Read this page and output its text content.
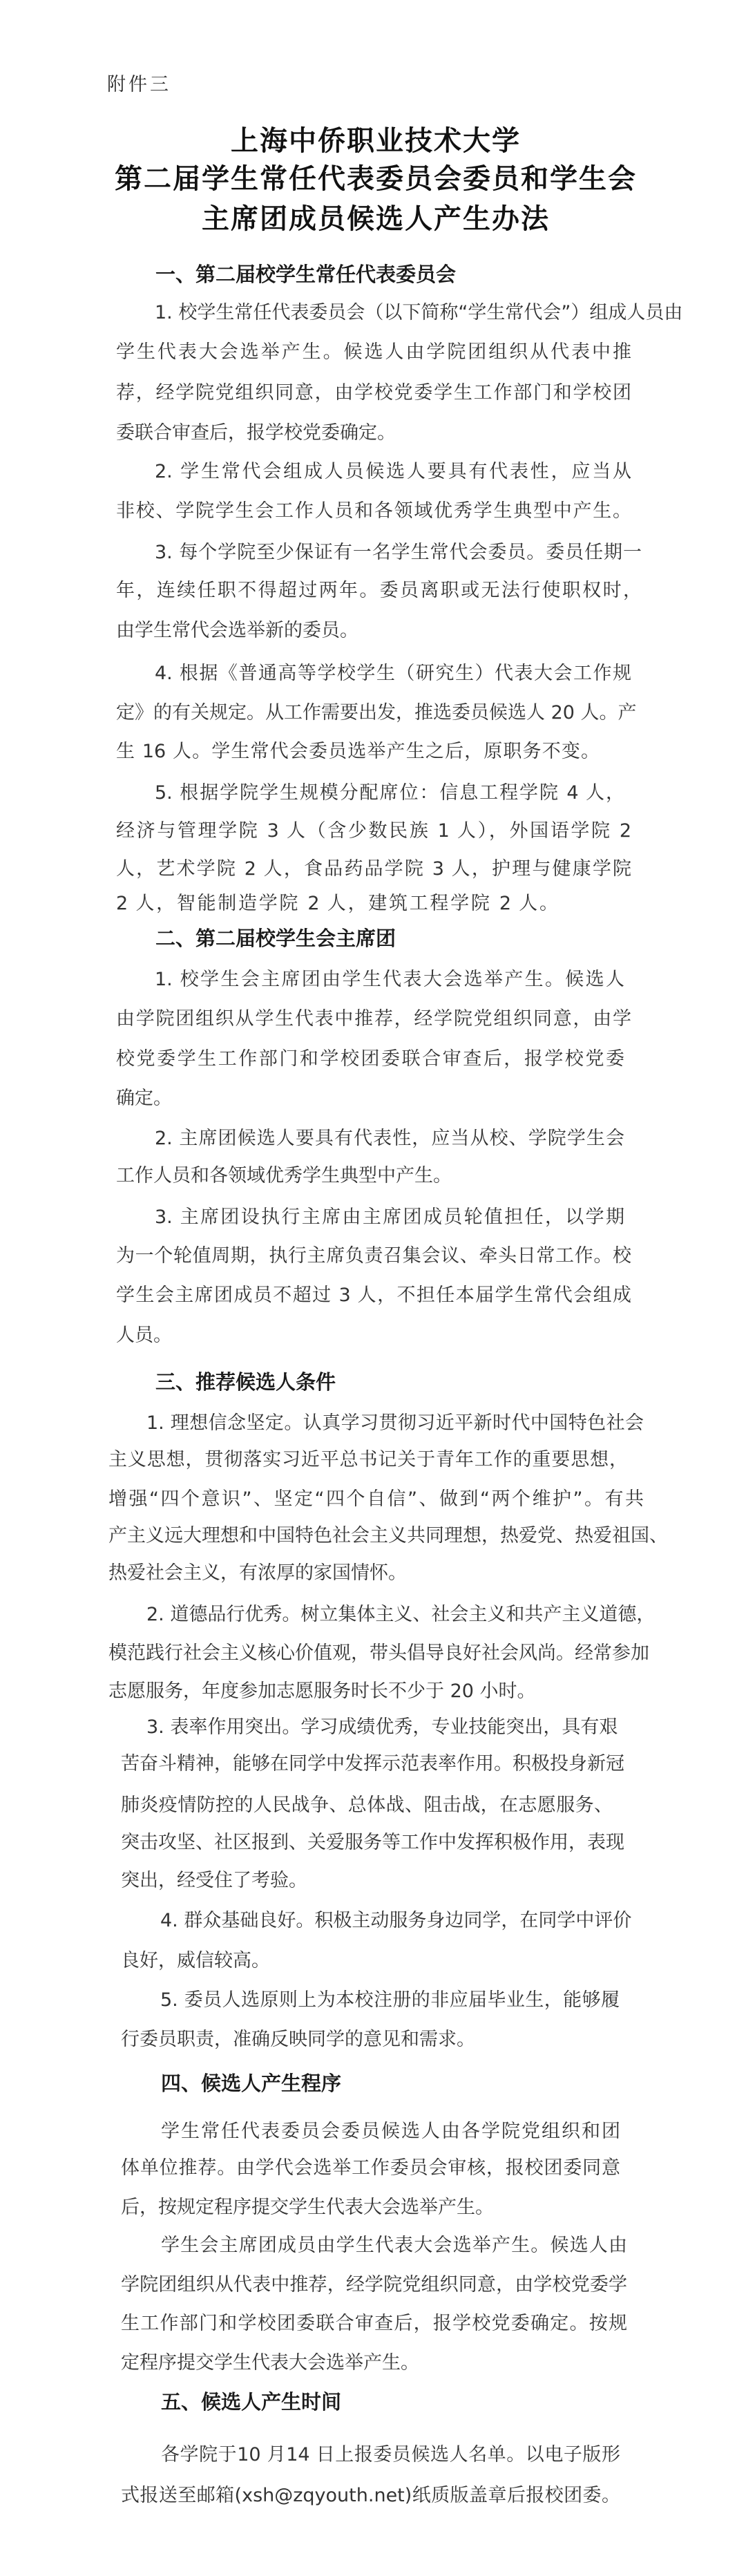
附件三
上海中侨职业技术大学
第二届学生常任代表委员会委员和学生会
主席团成员候选人产生办法
一、第二届校学生常任代表委员会
1. 校学生常任代表委员会（以下简称“学生常代会”）组成人员由
学生代表大会选举产生。候选人由学院团组织从代表中推
荐，经学院党组织同意，由学校党委学生工作部门和学校团
委联合审查后，报学校党委确定。
2. 学生常代会组成人员候选人要具有代表性，应当从
非校、学院学生会工作人员和各领域优秀学生典型中产生。
3. 每个学院至少保证有一名学生常代会委员。委员任期一
年，连续任职不得超过两年。委员离职或无法行使职权时，
由学生常代会选举新的委员。
4. 根据《普通高等学校学生（研究生）代表大会工作规
定》的有关规定。从工作需要出发，推选委员候选人 20 人。产
生 16 人。学生常代会委员选举产生之后，原职务不变。
5. 根据学院学生规模分配席位：信息工程学院 4 人，
经济与管理学院 3 人（含少数民族 1 人），外国语学院 2
人，艺术学院 2 人，食品药品学院 3 人，护理与健康学院
2 人，智能制造学院 2 人，建筑工程学院 2 人。
二、第二届校学生会主席团
1. 校学生会主席团由学生代表大会选举产生。候选人
由学院团组织从学生代表中推荐，经学院党组织同意，由学
校党委学生工作部门和学校团委联合审查后，报学校党委
确定。
2. 主席团候选人要具有代表性，应当从校、学院学生会
工作人员和各领域优秀学生典型中产生。
3. 主席团设执行主席由主席团成员轮值担任，以学期
为一个轮值周期，执行主席负责召集会议、牵头日常工作。校
学生会主席团成员不超过 3 人，不担任本届学生常代会组成
人员。
三、推荐候选人条件
1. 理想信念坚定。认真学习贯彻习近平新时代中国特色社会
主义思想，贯彻落实习近平总书记关于青年工作的重要思想，
增强“四个意识”、坚定“四个自信”、做到“两个维护”。有共
产主义远大理想和中国特色社会主义共同理想，热爱党、热爱祖国、
热爱社会主义，有浓厚的家国情怀。
2. 道德品行优秀。树立集体主义、社会主义和共产主义道德，
模范践行社会主义核心价值观，带头倡导良好社会风尚。经常参加
志愿服务，年度参加志愿服务时长不少于 20 小时。
3. 表率作用突出。学习成绩优秀，专业技能突出，具有艰
苦奋斗精神，能够在同学中发挥示范表率作用。积极投身新冠
肺炎疫情防控的人民战争、总体战、阻击战，在志愿服务、
突击攻坚、社区报到、关爱服务等工作中发挥积极作用，表现
突出，经受住了考验。
4. 群众基础良好。积极主动服务身边同学，在同学中评价
良好，威信较高。
5. 委员人选原则上为本校注册的非应届毕业生，能够履
行委员职责，准确反映同学的意见和需求。
四、候选人产生程序
学生常任代表委员会委员候选人由各学院党组织和团
体单位推荐。由学代会选举工作委员会审核，报校团委同意
后，按规定程序提交学生代表大会选举产生。
学生会主席团成员由学生代表大会选举产生。候选人由
学院团组织从代表中推荐，经学院党组织同意，由学校党委学
生工作部门和学校团委联合审查后，报学校党委确定。按规
定程序提交学生代表大会选举产生。
五、候选人产生时间
各学院于10 月14 日上报委员候选人名单。以电子版形
式报送至邮箱(xsh@zqyouth.net)纸质版盖章后报校团委。
